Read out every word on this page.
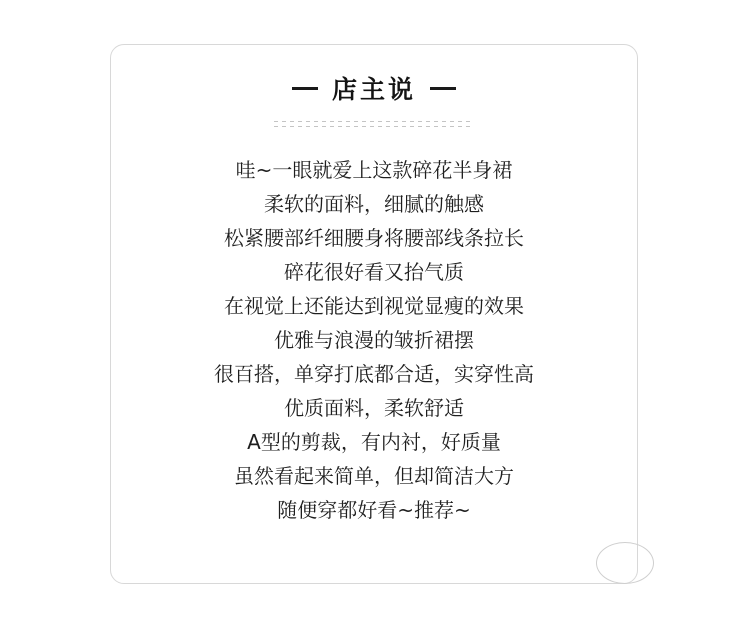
店主说
哇~一眼就爱上这款碎花半身裙
柔软的面料，细腻的触感
松紧腰部纤细腰身将腰部线条拉长
碎花很好看又抬气质
在视觉上还能达到视觉显瘦的效果
优雅与浪漫的皱折裙摆
很百搭，单穿打底都合适，实穿性高
优质面料，柔软舒适
A型的剪裁，有内衬，好质量
虽然看起来简单，但却简洁大方
随便穿都好看~推荐~
